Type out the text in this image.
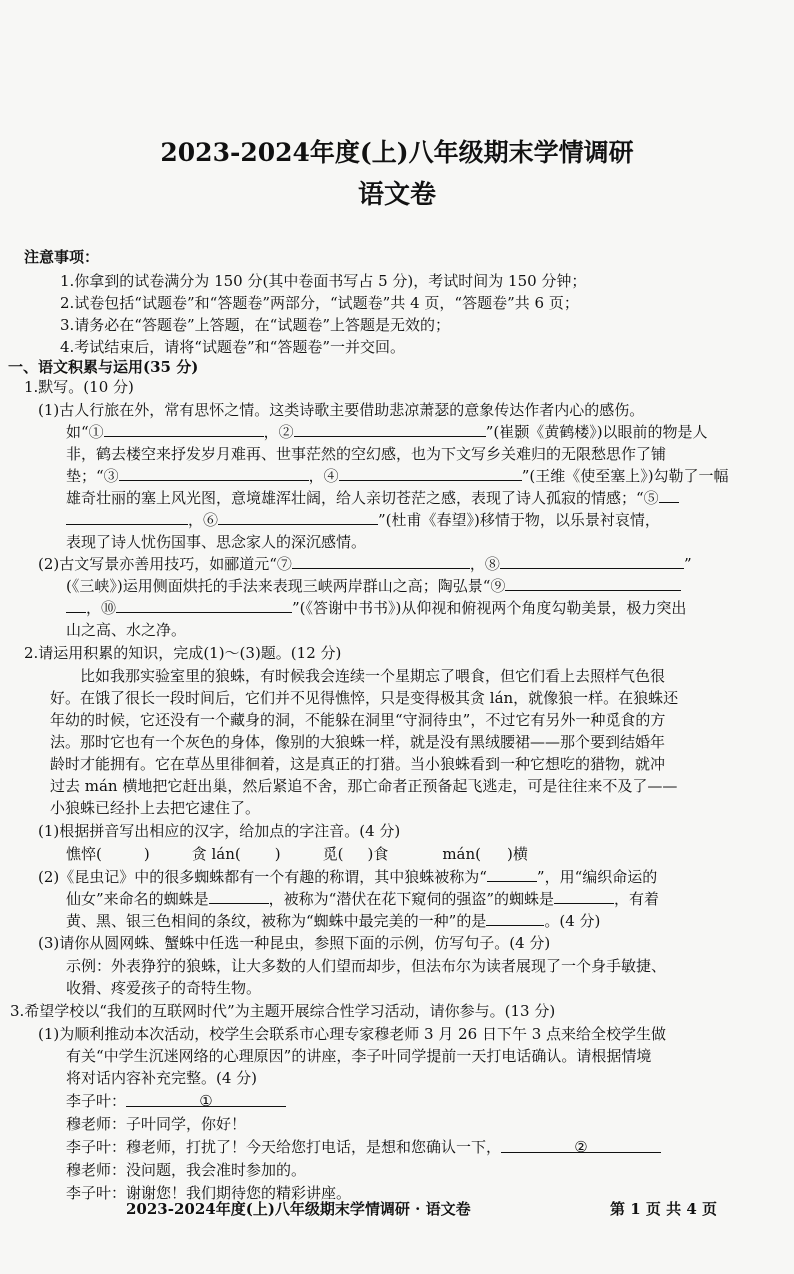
2023-2024年度(上)八年级期末学情调研
语文卷
注意事项：
1.你拿到的试卷满分为 150 分(其中卷面书写占 5 分)，考试时间为 150 分钟；
2.试卷包括“试题卷”和“答题卷”两部分，“试题卷”共 4 页，“答题卷”共 6 页；
3.请务必在“答题卷”上答题，在“试题卷”上答题是无效的；
4.考试结束后，请将“试题卷”和“答题卷”一并交回。
一、语文积累与运用(35 分)
1.默写。(10 分)
(1)古人行旅在外，常有思怀之情。这类诗歌主要借助悲凉萧瑟的意象传达作者内心的感伤。
如“①	，②	”(崔颢《黄鹤楼》)以眼前的物是人
非，鹤去楼空来抒发岁月难再、世事茫然的空幻感，也为下文写乡关难归的无限愁思作了铺
垫；“③	，④	”(王维《使至塞上》)勾勒了一幅
雄奇壮丽的塞上风光图，意境雄浑壮阔，给人亲切苍茫之感，表现了诗人孤寂的情感；“⑤
，⑥	”(杜甫《春望》)移情于物，以乐景衬哀情，
表现了诗人忧伤国事、思念家人的深沉感情。
(2)古文写景亦善用技巧，如郦道元“⑦	，⑧	”
(《三峡》)运用侧面烘托的手法来表现三峡两岸群山之高；陶弘景“⑨
，⑩	”(《答谢中书书》)从仰视和俯视两个角度勾勒美景，极力突出
山之高、水之净。
2.请运用积累的知识，完成(1)～(3)题。(12 分)
比如我那实验室里的狼蛛，有时候我会连续一个星期忘了喂食，但它们看上去照样气色很
好。在饿了很长一段时间后，它们并不见得憔悴，只是变得极其贪 lán，就像狼一样。在狼蛛还
年幼的时候，它还没有一个藏身的洞，不能躲在洞里“守洞待虫”，不过它有另外一种觅食的方
法。那时它也有一个灰色的身体，像别的大狼蛛一样，就是没有黑绒腰裙——那个要到结婚年
龄时才能拥有。它在草丛里徘徊着，这是真正的打猎。当小狼蛛看到一种它想吃的猎物，就冲
过去 mán 横地把它赶出巢，然后紧追不舍，那亡命者正预备起飞逃走，可是往往来不及了——
小狼蛛已经扑上去把它逮住了。
(1)根据拼音写出相应的汉字，给加点的字注音。(4 分)
憔悴(	)	贪 lán( )	觅( )食	mán( )横
(2)《昆虫记》中的很多蜘蛛都有一个有趣的称谓，其中狼蛛被称为“	”，用“编织命运的
仙女”来命名的蜘蛛是	，被称为“潜伏在花下窥伺的强盗”的蜘蛛是	，有着
黄、黑、银三色相间的条纹，被称为“蜘蛛中最完美的一种”的是	。(4 分)
(3)请你从圆网蛛、蟹蛛中任选一种昆虫，参照下面的示例，仿写句子。(4 分)
示例：外表狰狞的狼蛛，让大多数的人们望而却步，但法布尔为读者展现了一个身手敏捷、
收猾、疼爱孩子的奇特生物。
3.希望学校以“我们的互联网时代”为主题开展综合性学习活动，请你参与。(13 分)
(1)为顺利推动本次活动，校学生会联系市心理专家穆老师 3 月 26 日下午 3 点来给全校学生做
有关“中学生沉迷网络的心理原因”的讲座，李子叶同学提前一天打电话确认。请根据情境
将对话内容补充完整。(4 分)
李子叶：	①
穆老师：子叶同学，你好！
李子叶：穆老师，打扰了！今天给您打电话，是想和您确认一下，	②
穆老师：没问题，我会准时参加的。
李子叶：谢谢您！我们期待您的精彩讲座。
2023-2024年度(上)八年级期末学情调研 · 语文卷	第 1 页 共 4 页
